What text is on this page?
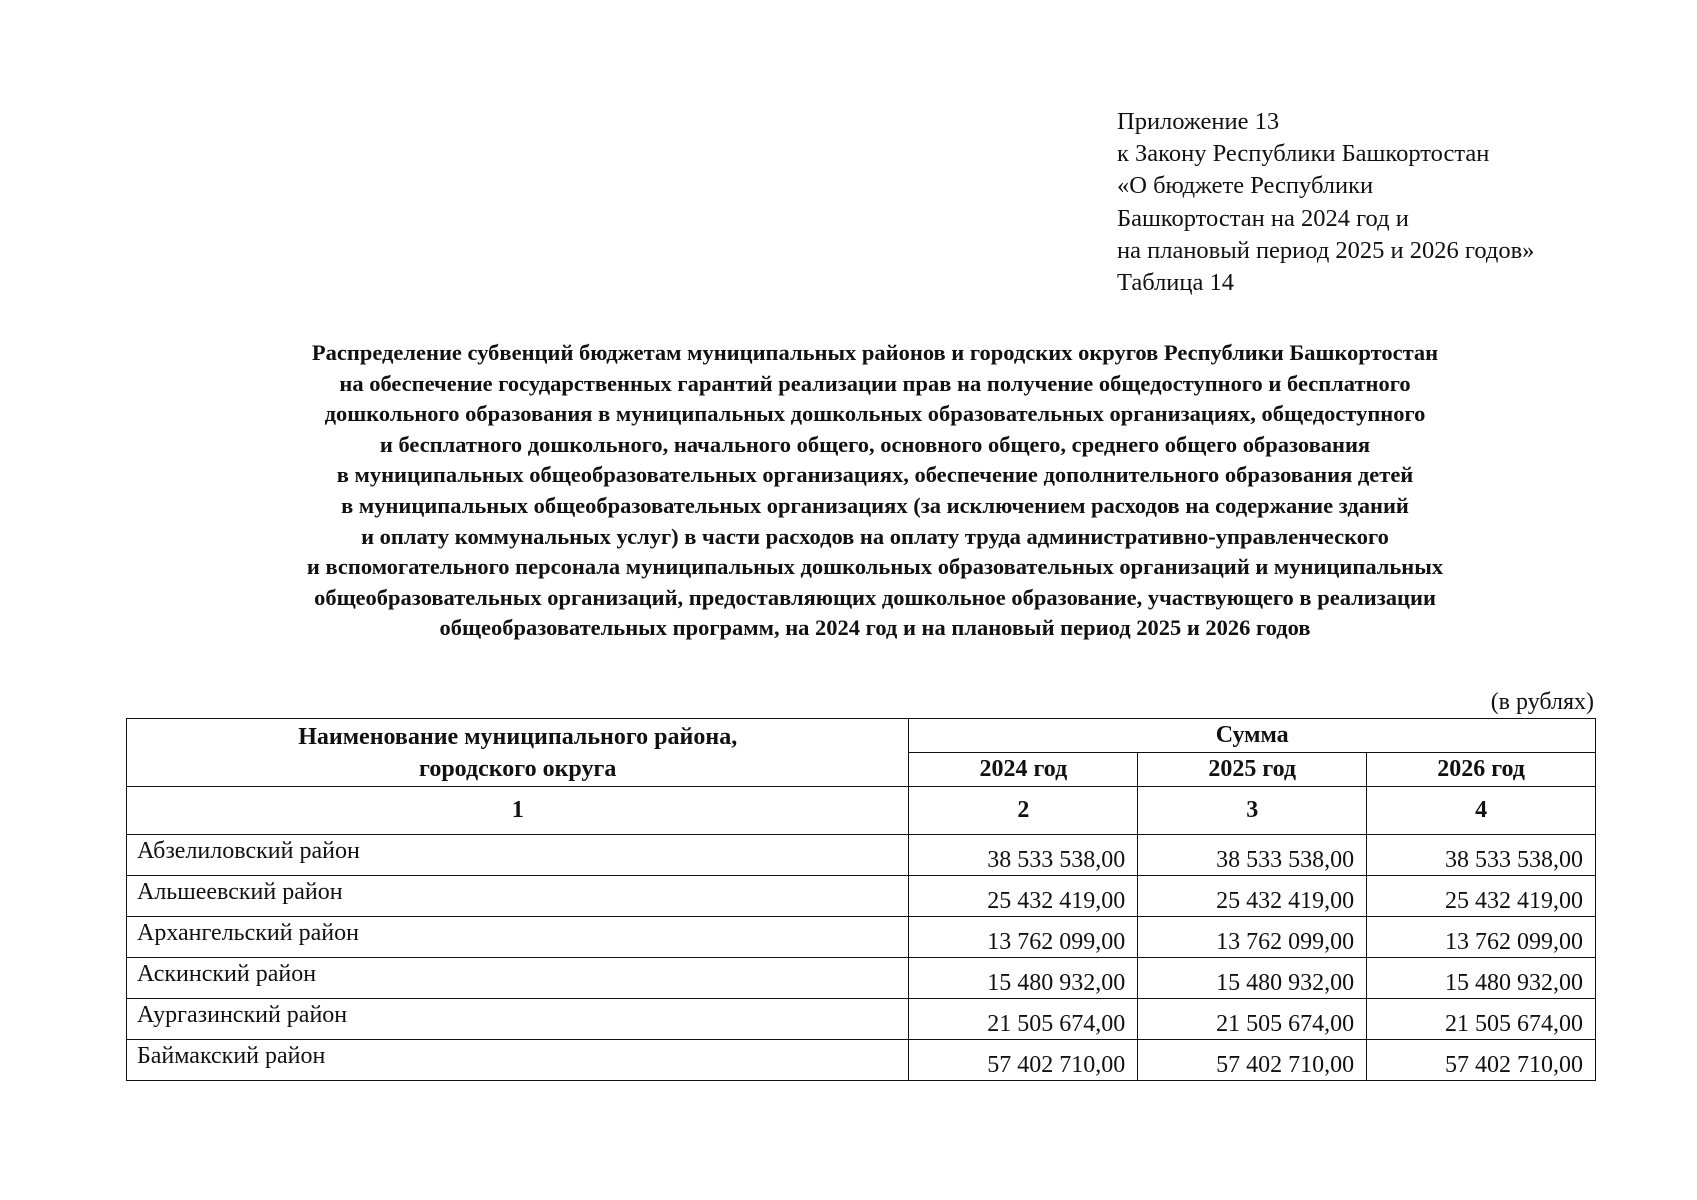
Приложение 13
к Закону Республики Башкортостан
«О бюджете Республики
Башкортостан на 2024 год и
на плановый период 2025 и 2026 годов»
Таблица 14
Распределение субвенций бюджетам муниципальных районов и городских округов Республики Башкортостан
на обеспечение государственных гарантий реализации прав на получение общедоступного и бесплатного
дошкольного образования в муниципальных дошкольных образовательных организациях, общедоступного
и бесплатного дошкольного, начального общего, основного общего, среднего общего образования
в муниципальных общеобразовательных организациях, обеспечение дополнительного образования детей
в муниципальных общеобразовательных организациях (за исключением расходов на содержание зданий
и оплату коммунальных услуг) в части расходов на оплату труда административно-управленческого
и вспомогательного персонала муниципальных дошкольных образовательных организаций и муниципальных
общеобразовательных организаций, предоставляющих дошкольное образование, участвующего в реализации
общеобразовательных программ, на 2024 год и на плановый период 2025 и 2026 годов
(в рублях)
Наименование муниципального района,
городского округа	Сумма		
	2024 год	2025 год	2026 год
1	2	3	4
Абзелиловский район	38 533 538,00	38 533 538,00	38 533 538,00
Альшеевский район	25 432 419,00	25 432 419,00	25 432 419,00
Архангельский район	13 762 099,00	13 762 099,00	13 762 099,00
Аскинский район	15 480 932,00	15 480 932,00	15 480 932,00
Аургазинский район	21 505 674,00	21 505 674,00	21 505 674,00
Баймакский район	57 402 710,00	57 402 710,00	57 402 710,00
